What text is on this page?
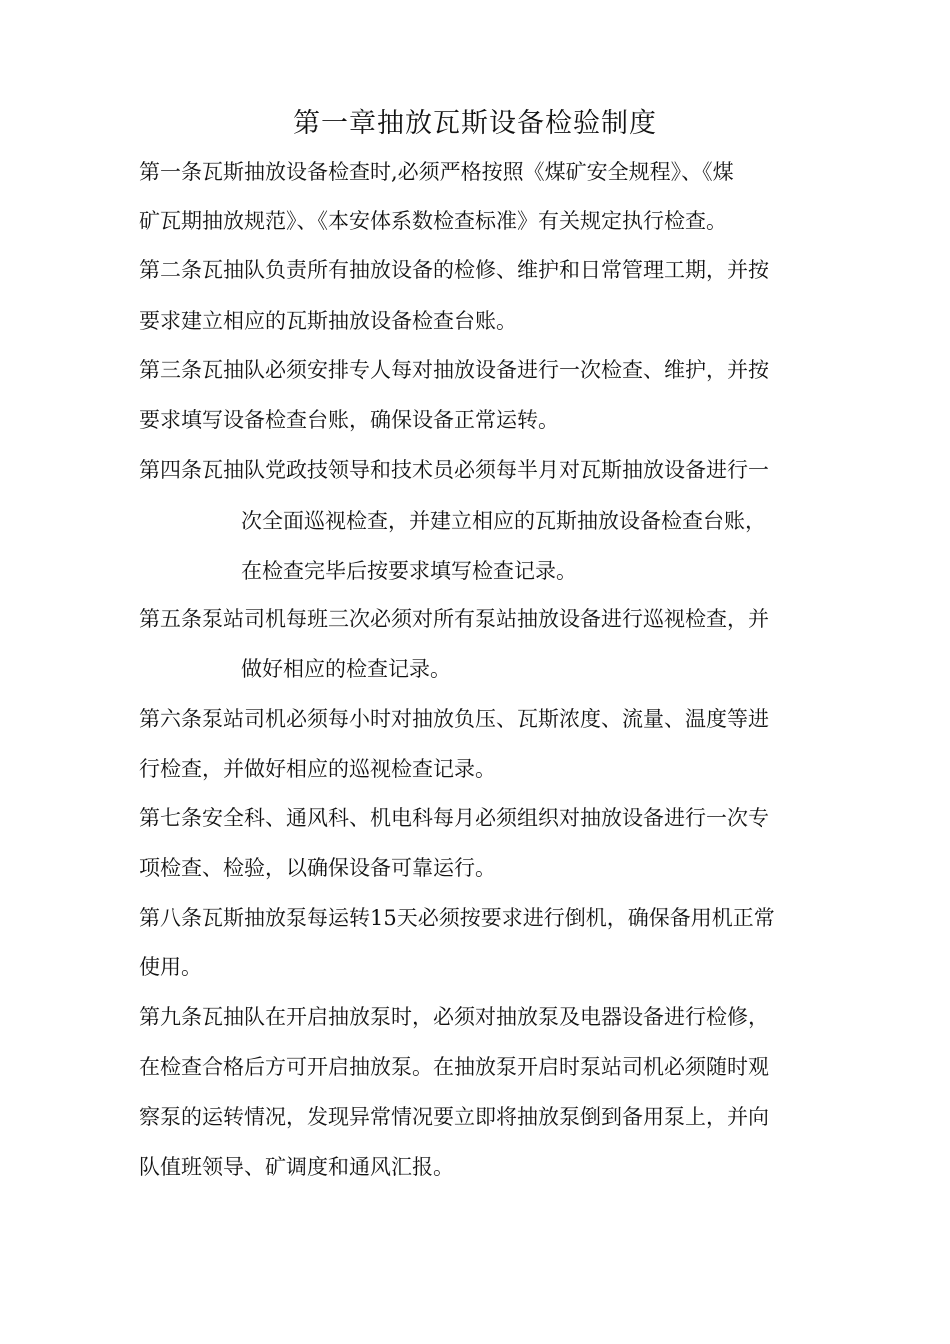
第一章抽放瓦斯设备检验制度
第一条瓦斯抽放设备检查时,必须严格按照《煤矿安全规程》、《煤
矿瓦期抽放规范》、《本安体系数检查标准》有关规定执行检查。
第二条瓦抽队负责所有抽放设备的检修、维护和日常管理工期，并按
要求建立相应的瓦斯抽放设备检查台账。
第三条瓦抽队必须安排专人每对抽放设备进行一次检查、维护，并按
要求填写设备检查台账，确保设备正常运转。
第四条瓦抽队党政技领导和技术员必须每半月对瓦斯抽放设备进行一
次全面巡视检查，并建立相应的瓦斯抽放设备检查台账，
在检查完毕后按要求填写检查记录。
第五条泵站司机每班三次必须对所有泵站抽放设备进行巡视检查，并
做好相应的检查记录。
第六条泵站司机必须每小时对抽放负压、瓦斯浓度、流量、温度等进
行检查，并做好相应的巡视检查记录。
第七条安全科、通风科、机电科每月必须组织对抽放设备进行一次专
项检查、检验，以确保设备可靠运行。
第八条瓦斯抽放泵每运转15天必须按要求进行倒机，确保备用机正常
使用。
第九条瓦抽队在开启抽放泵时，必须对抽放泵及电器设备进行检修，
在检查合格后方可开启抽放泵。在抽放泵开启时泵站司机必须随时观
察泵的运转情况，发现异常情况要立即将抽放泵倒到备用泵上，并向
队值班领导、矿调度和通风汇报。
